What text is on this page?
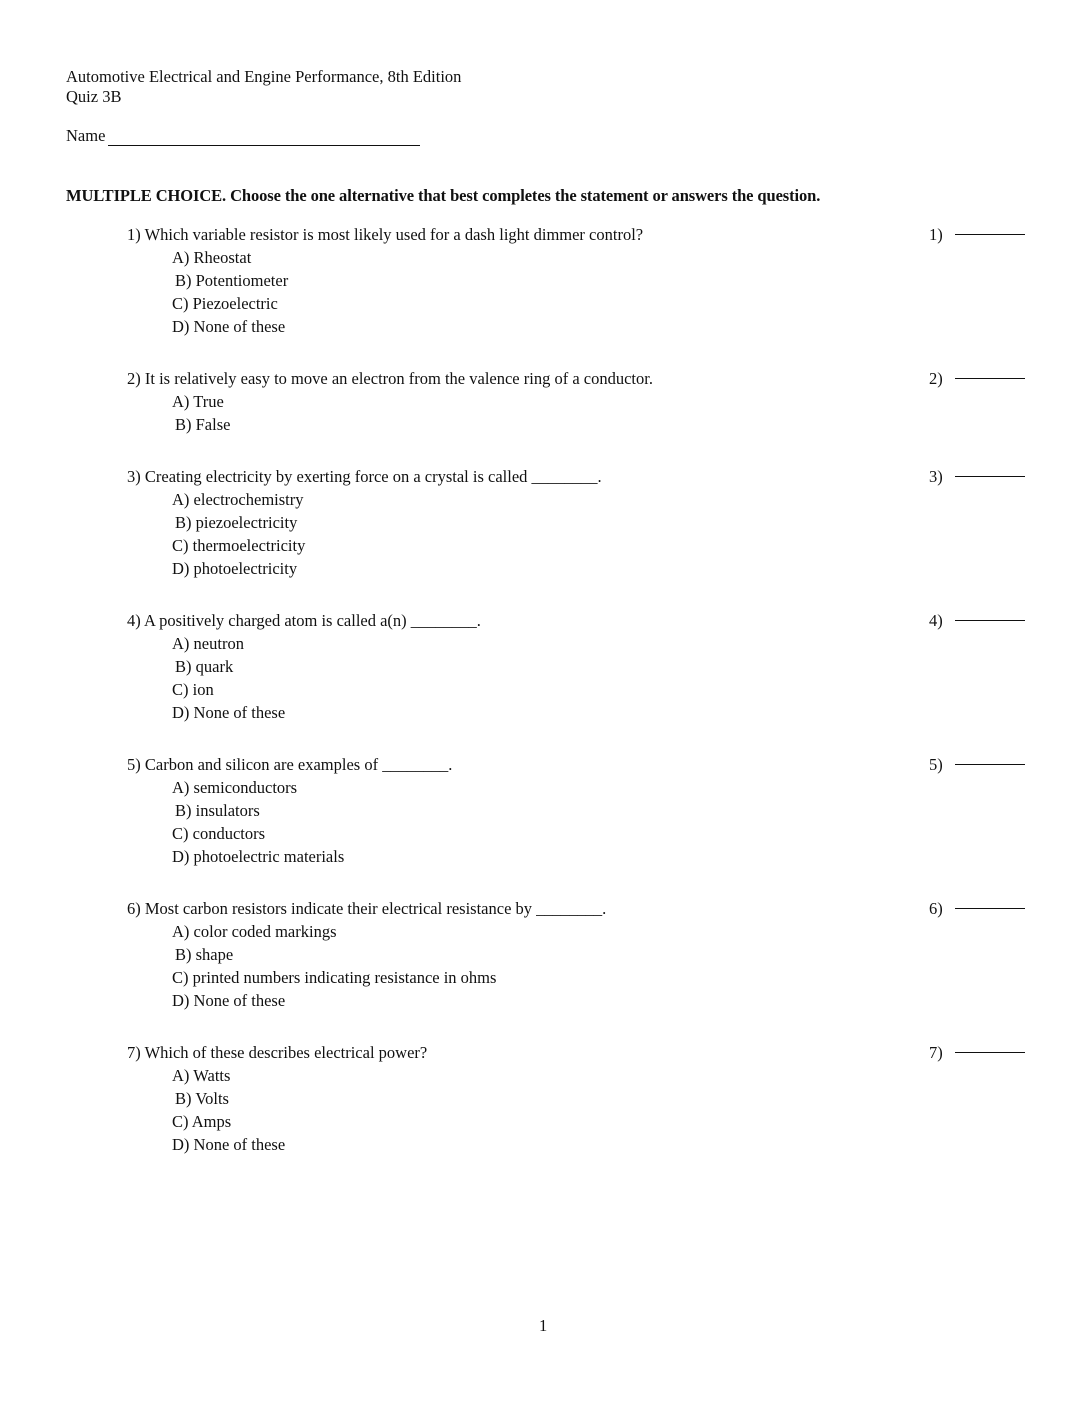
Automotive Electrical and Engine Performance, 8th Edition
Quiz 3B
Name
MULTIPLE CHOICE. Choose the one alternative that best completes the statement or answers the question.
1) Which variable resistor is most likely used for a dash light dimmer control?
A) Rheostat
B) Potentiometer
C) Piezoelectric
D) None of these
1)
2) It is relatively easy to move an electron from the valence ring of a conductor.
A) True
B) False
2)
3) Creating electricity by exerting force on a crystal is called ________.
A) electrochemistry
B) piezoelectricity
C) thermoelectricity
D) photoelectricity
3)
4) A positively charged atom is called a(n) ________.
A) neutron
B) quark
C) ion
D) None of these
4)
5) Carbon and silicon are examples of ________.
A) semiconductors
B) insulators
C) conductors
D) photoelectric materials
5)
6) Most carbon resistors indicate their electrical resistance by ________.
A) color coded markings
B) shape
C) printed numbers indicating resistance in ohms
D) None of these
6)
7) Which of these describes electrical power?
A) Watts
B) Volts
C) Amps
D) None of these
7)
1
